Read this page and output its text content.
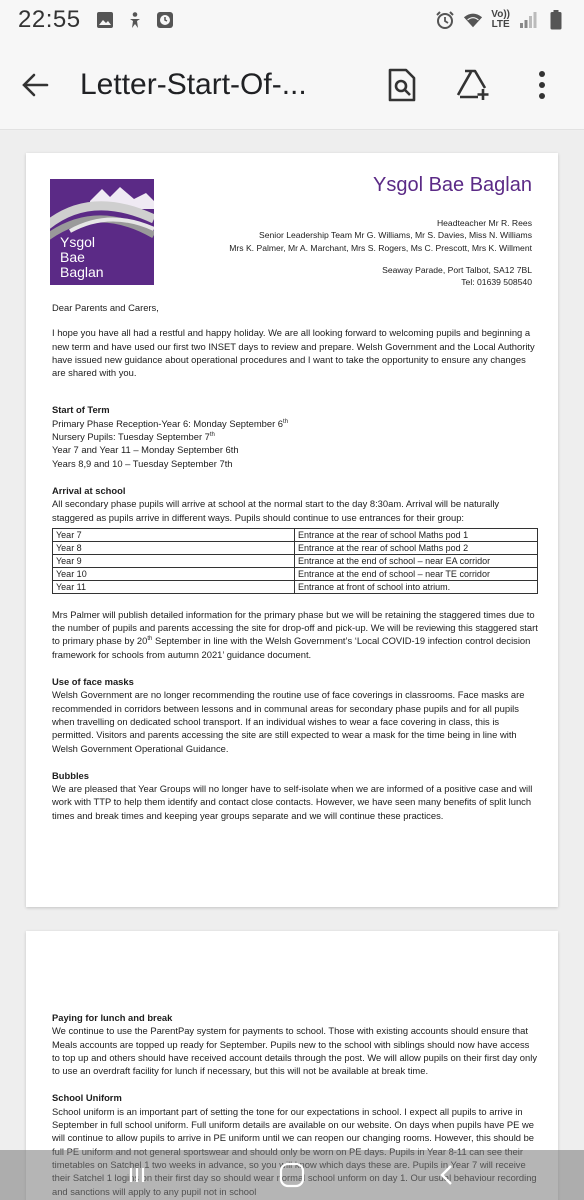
22:55	Vo))
LTE
Letter-Start-Of-...
Ysgol
Bae
Baglan
Ysgol Bae Baglan
Headteacher Mr R. Rees
Senior Leadership Team Mr G. Williams, Mr S. Davies, Miss N. Williams
Mrs K. Palmer, Mr A. Marchant, Mrs S. Rogers, Ms C. Prescott, Mrs K. Willment
Seaway Parade, Port Talbot, SA12 7BL
Tel: 01639 508540

Dear Parents and Carers,

I hope you have all had a restful and happy holiday. We are all looking forward to welcoming pupils and beginning a new term and have used our first two INSET days to review and prepare. Welsh Government and the Local Authority have issued new guidance about operational procedures and I want to take the opportunity to ensure any changes are shared with you.

Start of Term
Primary Phase Reception-Year 6: Monday September 6th
Nursery Pupils: Tuesday September 7th
Year 7 and Year 11 – Monday September 6th
Years 8,9 and 10 – Tuesday September 7th
Arrival at school
All secondary phase pupils will arrive at school at the normal start to the day 8:30am. Arrival will be naturally staggered as pupils arrive in different ways. Pupils should continue to use entrances for their group:
Year 7	Entrance at the rear of school Maths pod 1
Year 8	Entrance at the rear of school Maths pod 2
Year 9	Entrance at the end of school – near EA corridor
Year 10	Entrance at the end of school – near TE corridor
Year 11	Entrance at front of school into atrium.

Mrs Palmer will publish detailed information for the primary phase but we will be retaining the staggered times due to the number of pupils and parents accessing the site for drop-off and pick-up. We will be reviewing this staggered start to primary phase by 20th September in line with the Welsh Government’s ‘Local COVID-19 infection control decision framework for schools from autumn 2021’ guidance document.

Use of face masks

Welsh Government are no longer recommending the routine use of face coverings in classrooms. Face masks are recommended in corridors between lessons and in communal areas for secondary phase pupils and for all pupils when travelling on dedicated school transport. If an individual wishes to wear a face covering in class, this is permitted. Visitors and parents accessing the site are still expected to wear a mask for the time being in line with Welsh Government Operational Guidance.

Bubbles

We are pleased that Year Groups will no longer have to self-isolate when we are informed of a positive case and will work with TTP to help them identify and contact close contacts. However, we have seen many benefits of split lunch times and break times and keeping year groups separate and we will continue these practices.

Paying for lunch and break

We continue to use the ParentPay system for payments to school. Those with existing accounts should ensure that Meals accounts are topped up ready for September. Pupils new to the school with siblings should now have access to top up and others should have received account details through the post. We will allow pupils on their first day only to use an overdraft facility for lunch if necessary, but this will not be available at break time.

School Uniform

School uniform is an important part of setting the tone for our expectations in school. I expect all pupils to arrive in September in full school uniform. Full uniform details are available on our website. On days when pupils have PE we will continue to allow pupils to arrive in PE uniform until we can reopen our changing rooms. However, this should be
